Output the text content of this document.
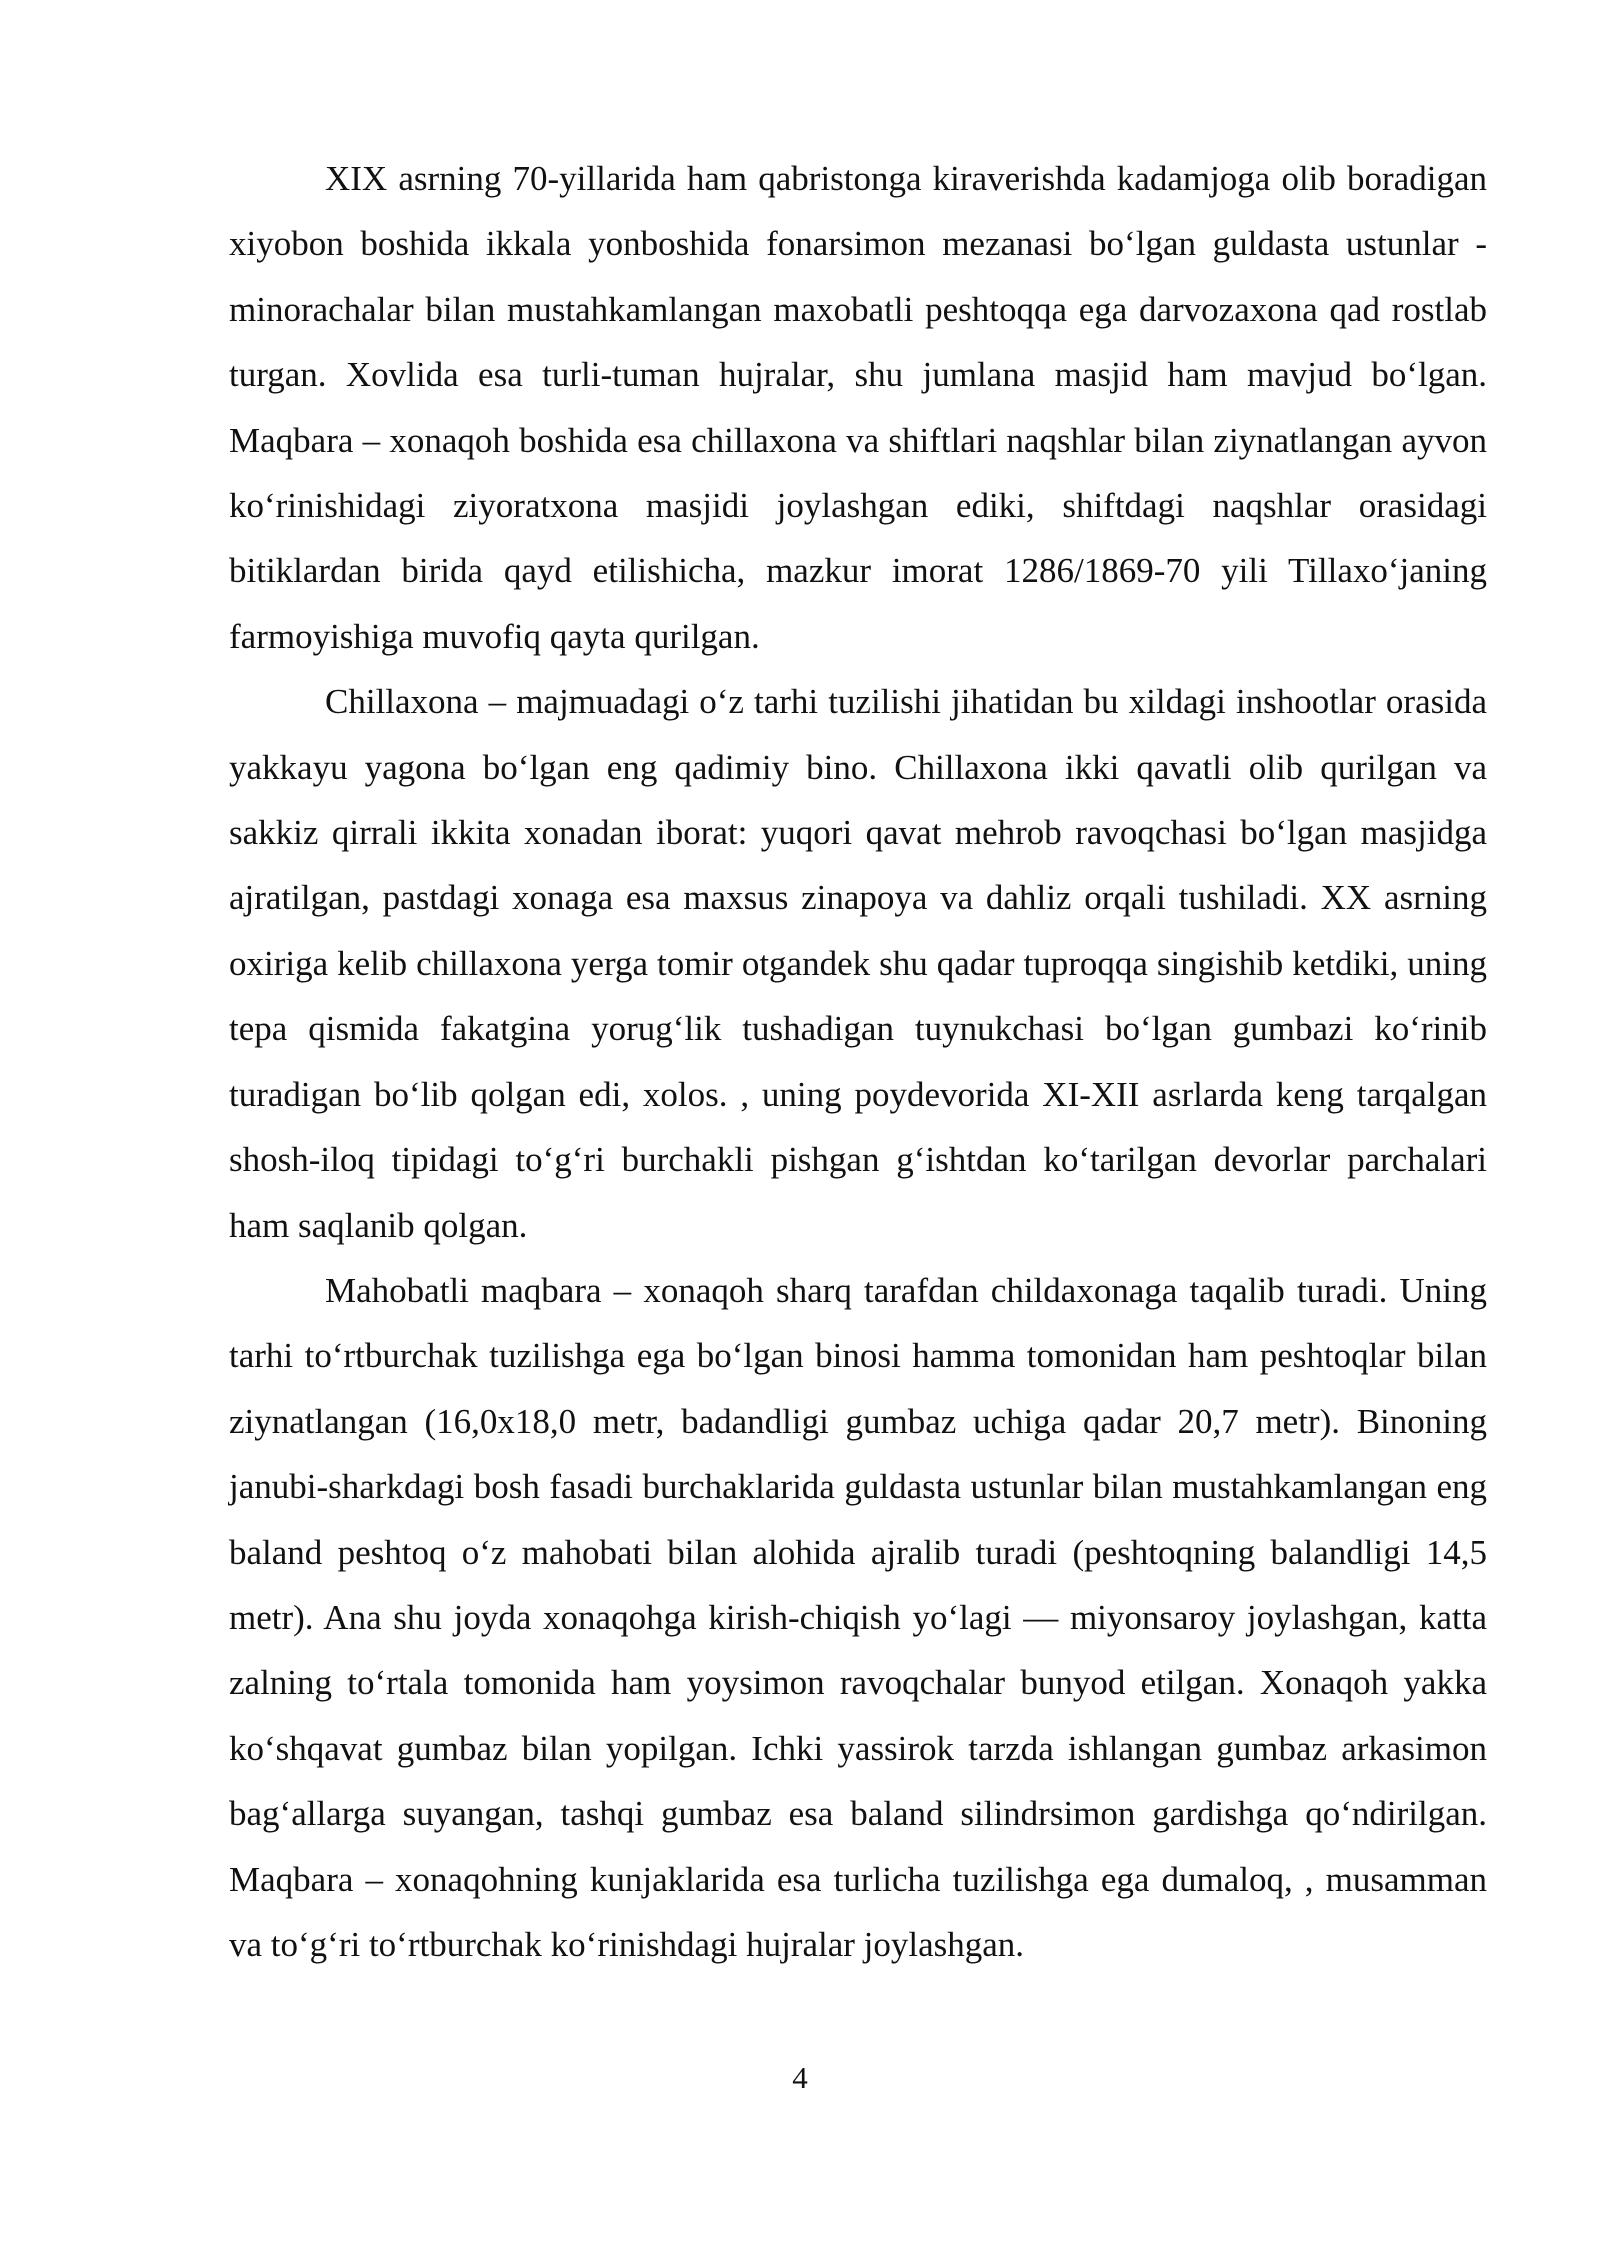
XIX asrning 70-yillarida ham qabristonga kiraverishda kadamjoga olib boradigan xiyobon boshida ikkala yonboshida fonarsimon mezanasi bo‘lgan guldasta ustunlar - minorachalar bilan mustahkamlangan maxobatli peshtoqqa ega darvozaxona qad rostlab turgan. Xovlida esa turli-tuman hujralar, shu jumlana masjid ham mavjud bo‘lgan. Maqbara – xonaqoh boshida esa chillaxona va shiftlari naqshlar bilan ziynatlangan ayvon ko‘rinishidagi ziyoratxona masjidi joylashgan ediki, shiftdagi naqshlar orasidagi bitiklardan birida qayd etilishicha, mazkur imorat 1286/1869-70 yili Tillaxo‘janing farmoyishiga muvofiq qayta qurilgan.

Chillaxona – majmuadagi o‘z tarhi tuzilishi jihatidan bu xildagi inshootlar orasida yakkayu yagona bo‘lgan eng qadimiy bino. Chillaxona ikki qavatli olib qurilgan va sakkiz qirrali ikkita xonadan iborat: yuqori qavat mehrob ravoqchasi bo‘lgan masjidga ajratilgan, pastdagi xonaga esa maxsus zinapoya va dahliz orqali tushiladi. XX asrning oxiriga kelib chillaxona yerga tomir otgandek shu qadar tuproqqa singishib ketdiki, uning tepa qismida fakatgina yorug‘lik tushadigan tuynukchasi bo‘lgan gumbazi ko‘rinib turadigan bo‘lib qolgan edi, xolos. , uning poydevorida XI-XII asrlarda keng tarqalgan shosh-iloq tipidagi to‘g‘ri burchakli pishgan g‘ishtdan ko‘tarilgan devorlar parchalari ham saqlanib qolgan.

Mahobatli maqbara – xonaqoh sharq tarafdan childaxonaga taqalib turadi. Uning tarhi to‘rtburchak tuzilishga ega bo‘lgan binosi hamma tomonidan ham peshtoqlar bilan ziynatlangan (16,0x18,0 metr, badandligi gumbaz uchiga qadar 20,7 metr). Binoning janubi-sharkdagi bosh fasadi burchaklarida guldasta ustunlar bilan mustahkamlangan eng baland peshtoq o‘z mahobati bilan alohida ajralib turadi (peshtoqning balandligi 14,5 metr). Ana shu joyda xonaqohga kirish-chiqish yo‘lagi — miyonsaroy joylashgan, katta zalning to‘rtala tomonida ham yoysimon ravoqchalar bunyod etilgan. Xonaqoh yakka ko‘shqavat gumbaz bilan yopilgan. Ichki yassirok tarzda ishlangan gumbaz arkasimon bag‘allarga suyangan, tashqi gumbaz esa baland silindrsimon gardishga qo‘ndirilgan. Maqbara – xonaqohning kunjaklarida esa turlicha tuzilishga ega dumaloq, , musamman va to‘g‘ri to‘rtburchak ko‘rinishdagi hujralar joylashgan.

4
